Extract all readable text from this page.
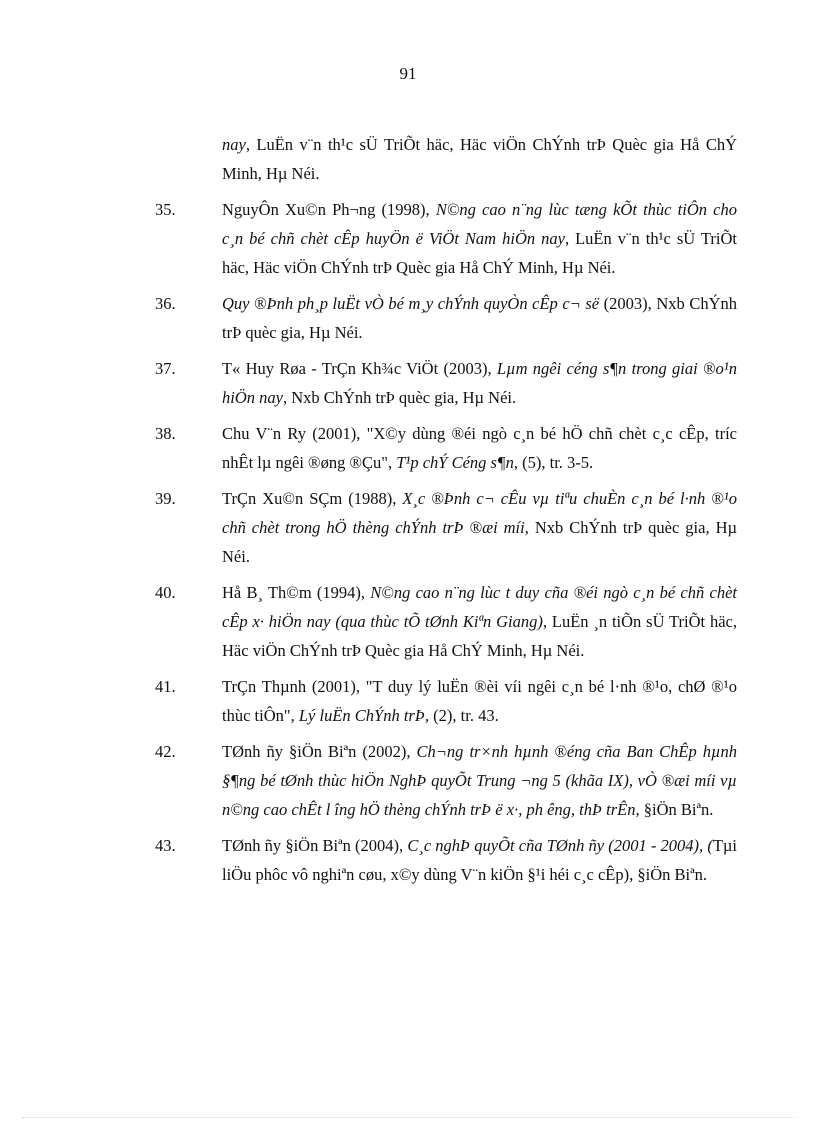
91
nay, LuËn v¨n th¹c sÜ TriÕt häc, Häc viÖn ChÝnh trÞ Quèc gia Hå ChÝ Minh, Hµ Néi.
35.	NguyÔn Xu©n Ph¬ng (1998), N©ng cao n¨ng lùc tæng kÕt thùc tiÔn cho c¸n bé chñ chèt cÊp huyÖn ë ViÖt Nam hiÖn nay, LuËn v¨n th¹c sÜ TriÕt häc, Häc viÖn ChÝnh trÞ Quèc gia Hå ChÝ Minh, Hµ Néi.
36.	Quy ®Þnh ph¸p luËt vÒ bé m¸y chÝnh quyÒn cÊp c¬ së (2003), Nxb ChÝnh trÞ quèc gia, Hµ Néi.
37.	T« Huy Røa - TrÇn Kh¾c ViÖt (2003), Lµm ngêi céng s¶n trong giai ®o¹n hiÖn nay, Nxb ChÝnh trÞ quèc gia, Hµ Néi.
38.	Chu V¨n Ry (2001), "X©y dùng ®éi ngò c¸n bé hÖ chñ chèt c¸c cÊp, tríc nhÊt lµ ngêi ®øng ®Çu", T¹p chÝ Céng s¶n, (5), tr. 3-5.
39.	TrÇn Xu©n SÇm (1988), X¸c ®Þnh c¬ cÊu vµ tiªu chuÈn c¸n bé l·nh ®¹o chñ chèt trong hÖ thèng chÝnh trÞ ®æi míi, Nxb ChÝnh trÞ quèc gia, Hµ Néi.
40.	Hå B¸ Th©m (1994), N©ng cao n¨ng lùc t duy cña ®éi ngò c¸n bé chñ chèt cÊp x· hiÖn nay (qua thùc tÕ tØnh Kiªn Giang), LuËn ¸n tiÕn sÜ TriÕt häc, Häc viÖn ChÝnh trÞ Quèc gia Hå ChÝ Minh, Hµ Néi.
41.	TrÇn Thµnh (2001), "T duy lý luËn ®èi víi ngêi c¸n bé l·nh ®¹o, chØ ®¹o thùc tiÔn", Lý luËn ChÝnh trÞ, (2), tr. 43.
42.	TØnh ñy §iÖn Biªn (2002), Ch¬ng tr×nh hµnh ®éng cña Ban ChÊp hµnh §¶ng bé tØnh thùc hiÖn NghÞ quyÕt Trung ¬ng 5 (khãa IX), vÒ ®æi míi vµ n©ng cao chÊt l îng hÖ thèng chÝnh trÞ ë x·, ph êng, thÞ trÊn, §iÖn Biªn.
43.	TØnh ñy §iÖn Biªn (2004), C¸c nghÞ quyÕt cña TØnh ñy (2001 - 2004), (Tµi liÖu phôc vô nghiªn cøu, x©y dùng V¨n kiÖn §¹i héi c¸c cÊp), §iÖn Biªn.
